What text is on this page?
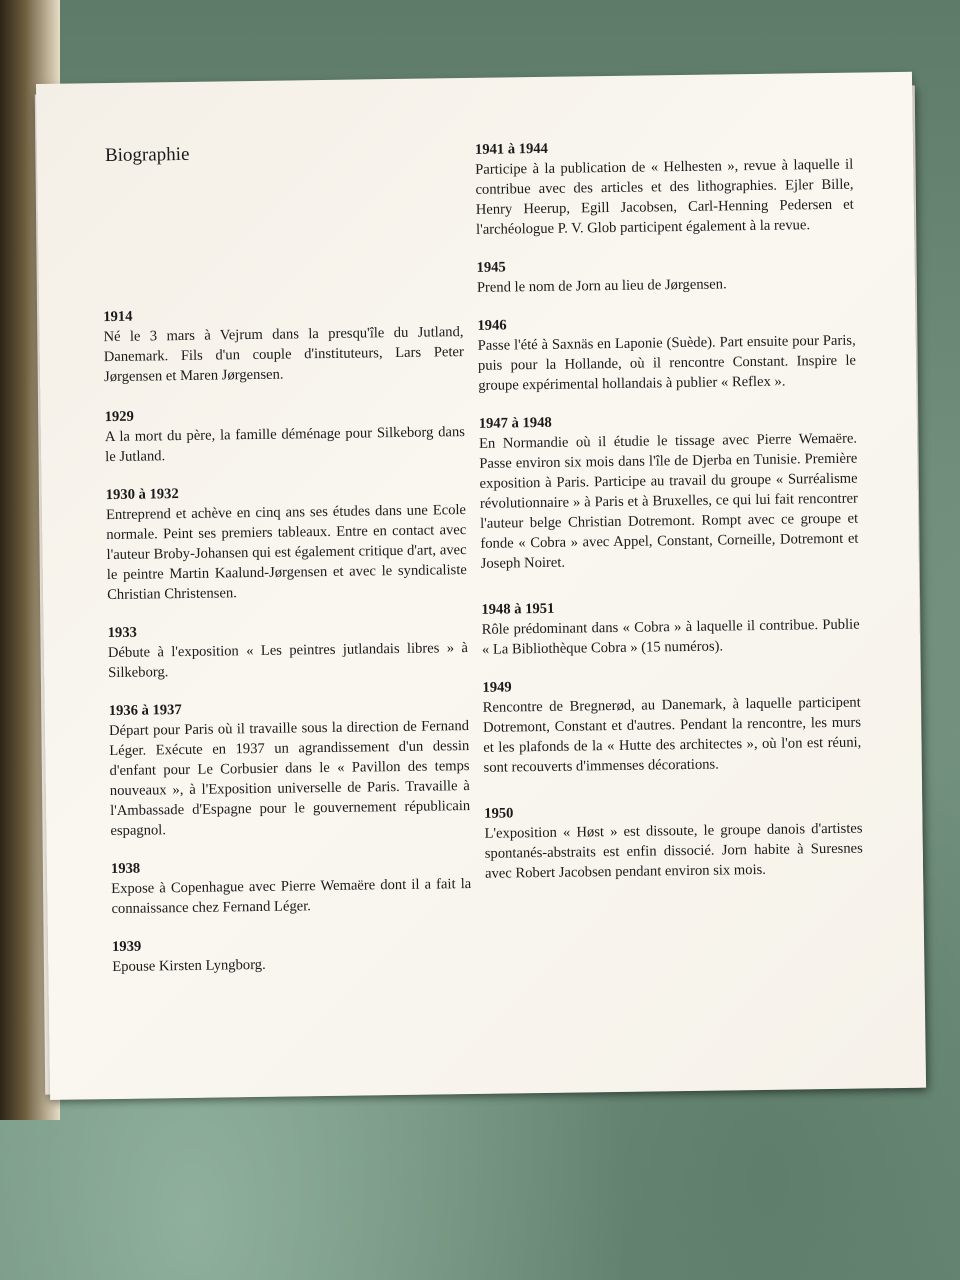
Biographie
1914
Né le 3 mars à Vejrum dans la presqu'île du Jutland, Danemark. Fils d'un couple d'instituteurs, Lars Peter Jørgensen et Maren Jørgensen.
1929
A la mort du père, la famille déménage pour Silkeborg dans le Jutland.
1930 à 1932
Entreprend et achève en cinq ans ses études dans une Ecole normale. Peint ses premiers tableaux. Entre en contact avec l'auteur Broby-Johansen qui est également critique d'art, avec le peintre Martin Kaalund-Jørgensen et avec le syndicaliste Christian Christensen.
1933
Débute à l'exposition « Les peintres jutlandais libres » à Silkeborg.
1936 à 1937
Départ pour Paris où il travaille sous la direction de Fernand Léger. Exécute en 1937 un agrandissement d'un dessin d'enfant pour Le Corbusier dans le « Pavillon des temps nouveaux », à l'Exposition universelle de Paris. Travaille à l'Ambassade d'Espagne pour le gouvernement républicain espagnol.
1938
Expose à Copenhague avec Pierre Wemaëre dont il a fait la connaissance chez Fernand Léger.
1939
Epouse Kirsten Lyngborg.
1941 à 1944
Participe à la publication de « Helhesten », revue à laquelle il contribue avec des articles et des lithographies. Ejler Bille, Henry Heerup, Egill Jacobsen, Carl-Henning Pedersen et l'archéologue P. V. Glob participent également à la revue.
1945
Prend le nom de Jorn au lieu de Jørgensen.
1946
Passe l'été à Saxnäs en Laponie (Suède). Part ensuite pour Paris, puis pour la Hollande, où il rencontre Constant. Inspire le groupe expérimental hollandais à publier « Reflex ».
1947 à 1948
En Normandie où il étudie le tissage avec Pierre Wemaëre. Passe environ six mois dans l'île de Djerba en Tunisie. Première exposition à Paris. Participe au travail du groupe « Surréalisme révolutionnaire » à Paris et à Bruxelles, ce qui lui fait rencontrer l'auteur belge Christian Dotremont. Rompt avec ce groupe et fonde « Cobra » avec Appel, Constant, Corneille, Dotremont et Joseph Noiret.
1948 à 1951
Rôle prédominant dans « Cobra » à laquelle il contribue. Publie « La Bibliothèque Cobra » (15 numéros).
1949
Rencontre de Bregnerød, au Danemark, à laquelle participent Dotremont, Constant et d'autres. Pendant la rencontre, les murs et les plafonds de la « Hutte des architectes », où l'on est réuni, sont recouverts d'immenses décorations.
1950
L'exposition « Høst » est dissoute, le groupe danois d'artistes spontanés-abstraits est enfin dissocié. Jorn habite à Suresnes avec Robert Jacobsen pendant environ six mois.
